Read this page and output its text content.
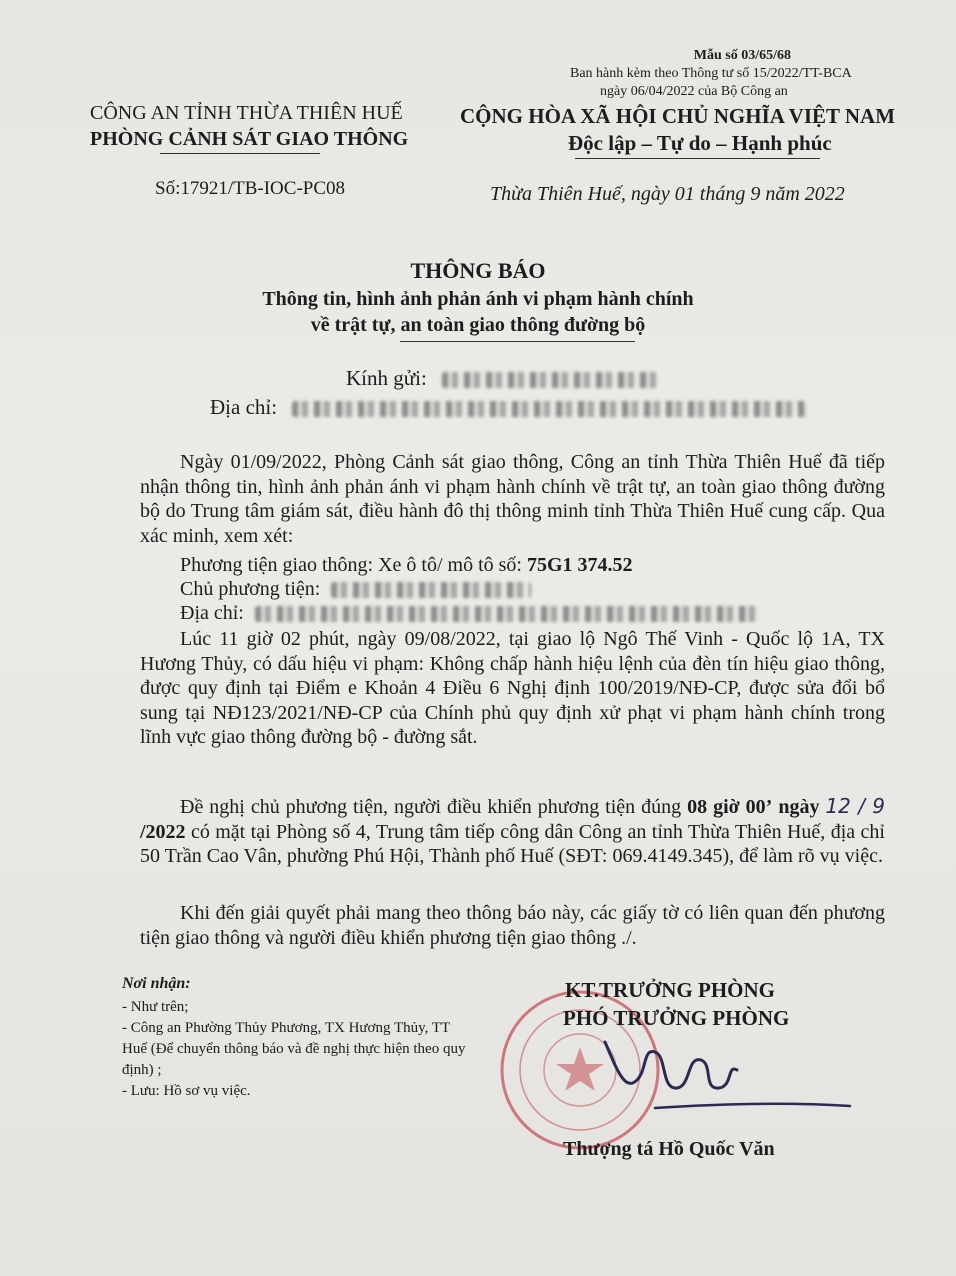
Mẫu số 03/65/68
Ban hành kèm theo Thông tư số 15/2022/TT-BCA
ngày 06/04/2022 của Bộ Công an
CÔNG AN TỈNH THỪA THIÊN HUẾ
PHÒNG CẢNH SÁT GIAO THÔNG
CỘNG HÒA XÃ HỘI CHỦ NGHĨA VIỆT NAM
Độc lập – Tự do – Hạnh phúc
Số:17921/TB-IOC-PC08	Thừa Thiên Huế, ngày 01 tháng 9 năm 2022
THÔNG BÁO
Thông tin, hình ảnh phản ánh vi phạm hành chính
về trật tự, an toàn giao thông đường bộ
Kính gửi:
Địa chỉ:
Ngày 01/09/2022, Phòng Cảnh sát giao thông, Công an tỉnh Thừa Thiên Huế đã tiếp nhận thông tin, hình ảnh phản ánh vi phạm hành chính về trật tự, an toàn giao thông đường bộ do Trung tâm giám sát, điều hành đô thị thông minh tỉnh Thừa Thiên Huế cung cấp. Qua xác minh, xem xét:
Phương tiện giao thông: Xe ô tô/ mô tô số: 75G1 374.52
Chủ phương tiện:
Địa chỉ:
Lúc 11 giờ 02 phút, ngày 09/08/2022, tại giao lộ Ngô Thế Vinh - Quốc lộ 1A, TX Hương Thủy, có dấu hiệu vi phạm: Không chấp hành hiệu lệnh của đèn tín hiệu giao thông, được quy định tại Điểm e Khoản 4 Điều 6 Nghị định 100/2019/NĐ-CP, được sửa đổi bổ sung tại NĐ123/2021/NĐ-CP của Chính phủ quy định xử phạt vi phạm hành chính trong lĩnh vực giao thông đường bộ - đường sắt.
Đề nghị chủ phương tiện, người điều khiển phương tiện đúng 08 giờ 00’ ngày 12 / 9 /2022 có mặt tại Phòng số 4, Trung tâm tiếp công dân Công an tỉnh Thừa Thiên Huế, địa chỉ 50 Trần Cao Vân, phường Phú Hội, Thành phố Huế (SĐT: 069.4149.345), để làm rõ vụ việc.
Khi đến giải quyết phải mang theo thông báo này, các giấy tờ có liên quan đến phương tiện giao thông và người điều khiển phương tiện giao thông ./.
Nơi nhận:
- Như trên;
- Công an Phường Thủy Phương, TX Hương Thủy, TT Huế (Để chuyển thông báo và đề nghị thực hiện theo quy định) ;
- Lưu: Hồ sơ vụ việc.
KT.TRƯỞNG PHÒNG
PHÓ TRƯỞNG PHÒNG
Thượng tá Hồ Quốc Văn
